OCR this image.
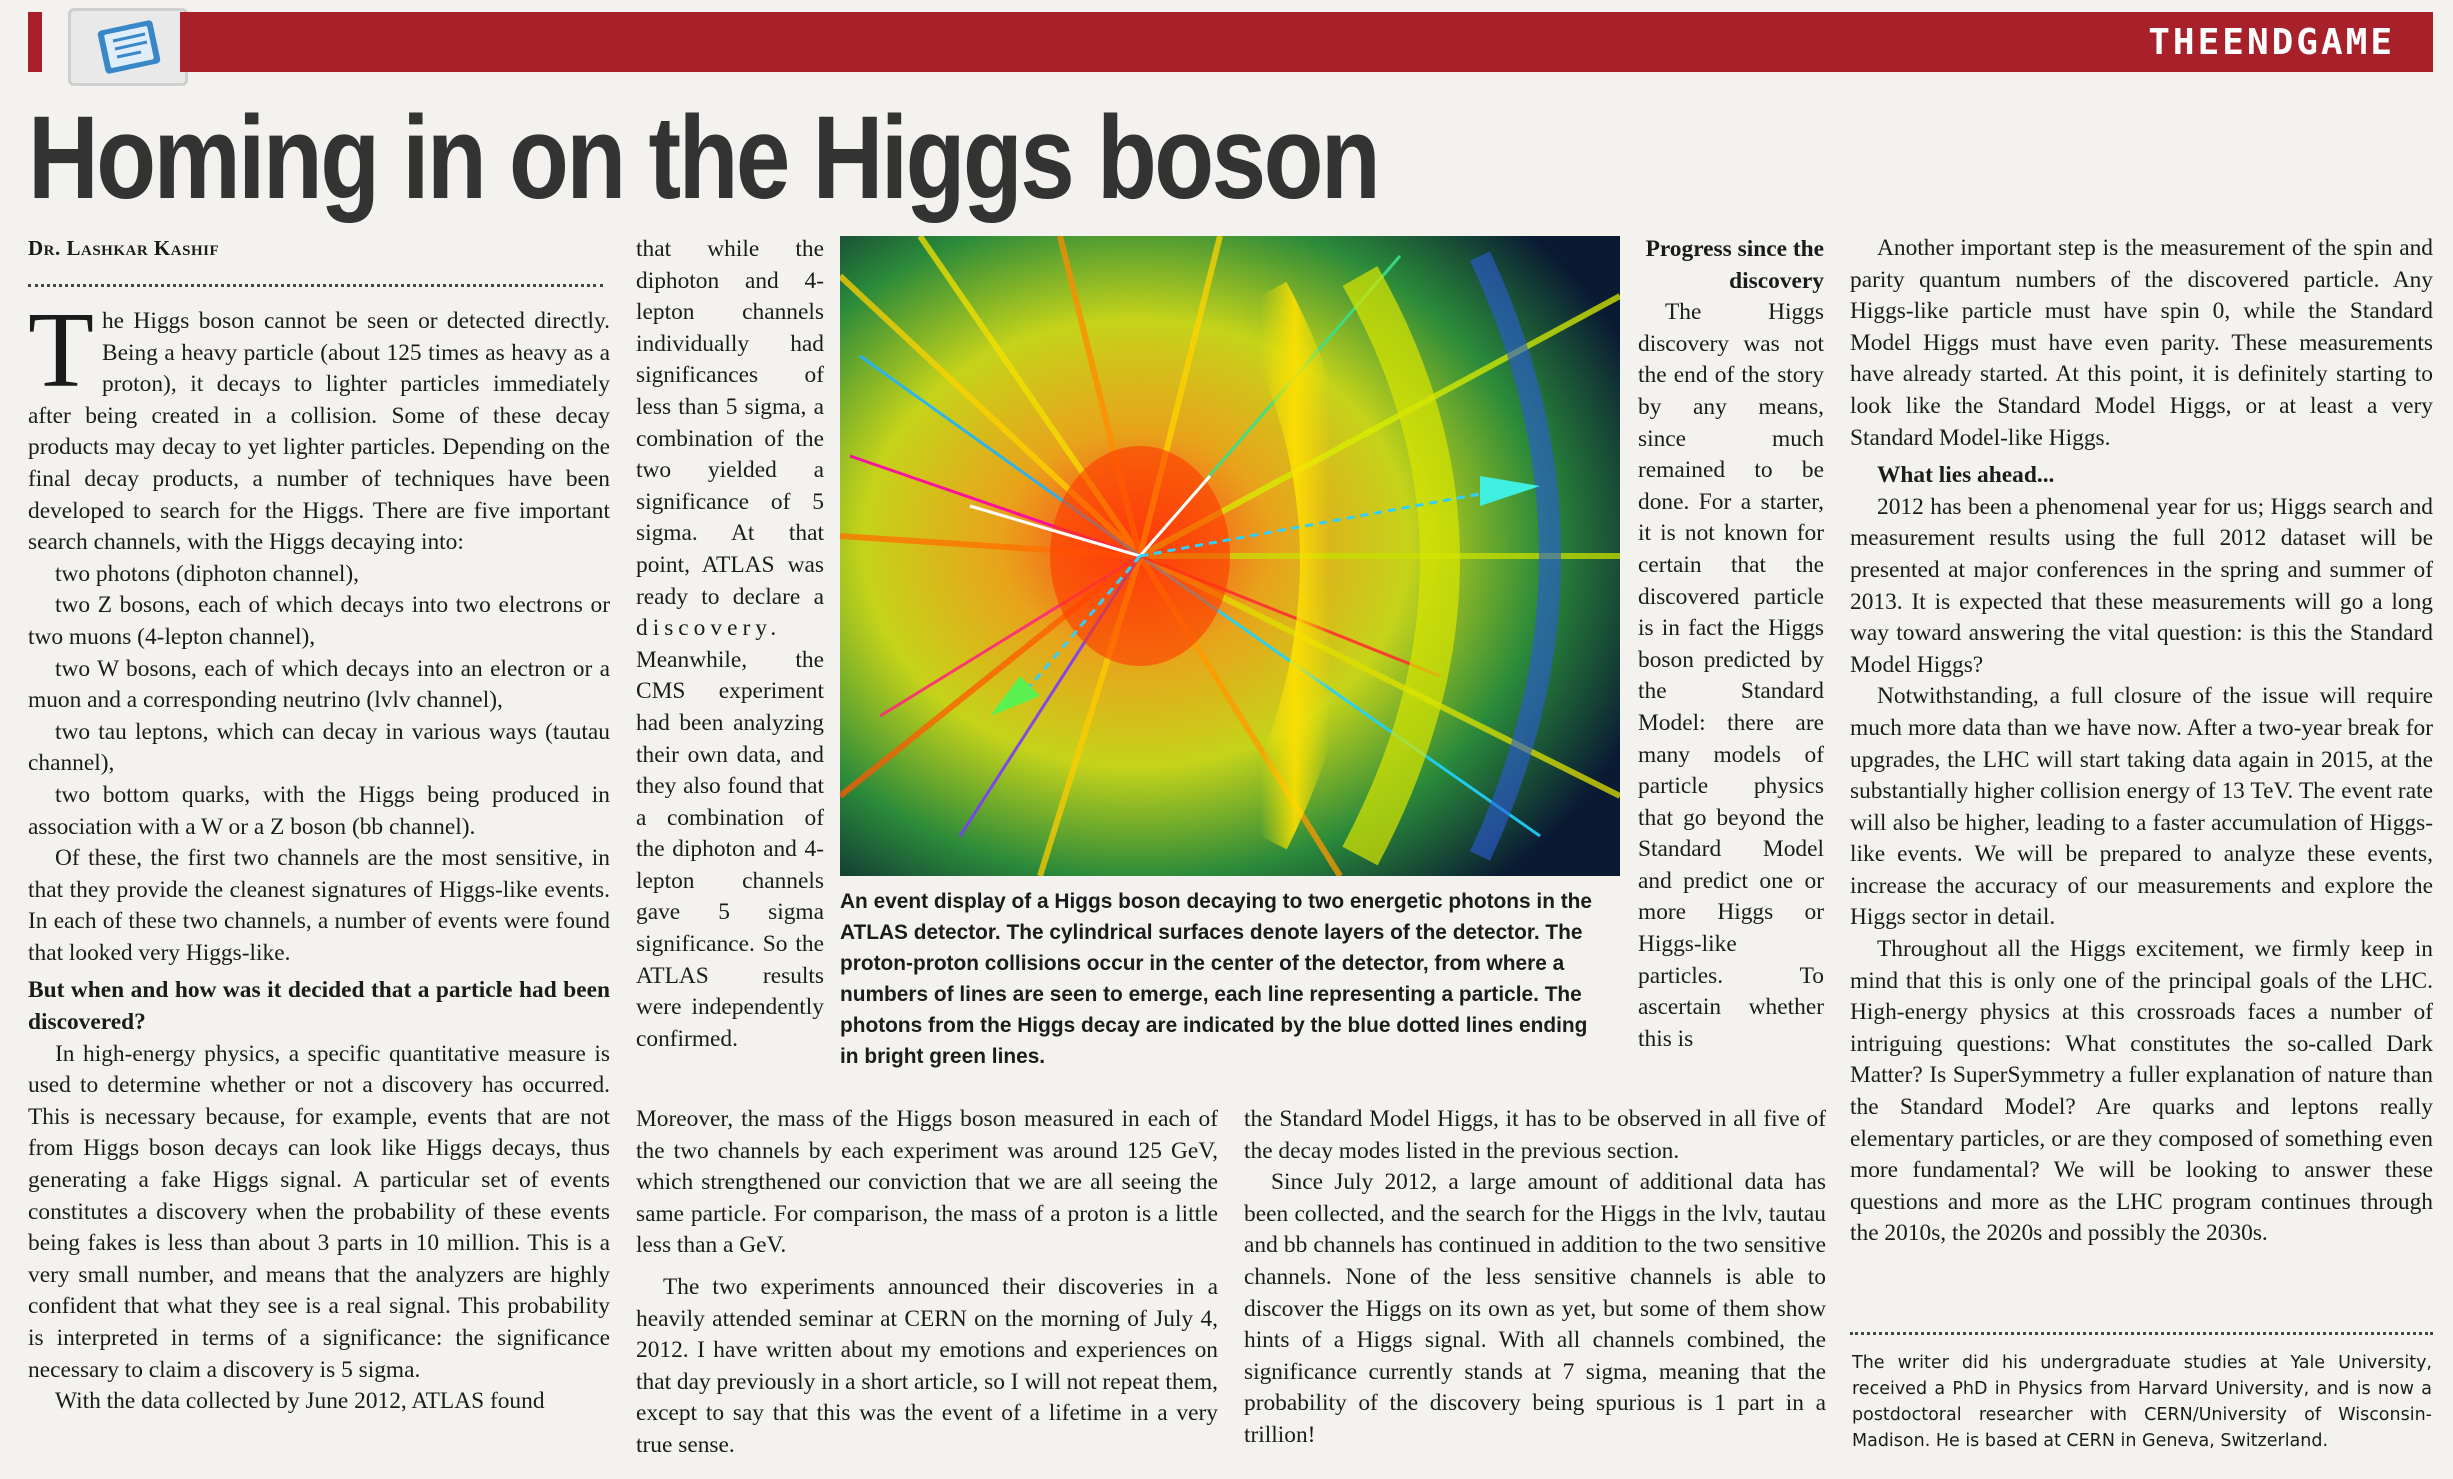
THEENDGAME
Homing in on the Higgs boson
Dr. Lashkar Kashif

The Higgs boson cannot be seen or detected directly. Being a heavy particle (about 125 times as heavy as a proton), it decays to lighter particles immediately after being created in a collision. Some of these decay products may decay to yet lighter particles. Depending on the final decay products, a number of techniques have been developed to search for the Higgs. There are five important search channels, with the Higgs decaying into:

two photons (diphoton channel),

two Z bosons, each of which decays into two electrons or two muons (4-lepton channel),

two W bosons, each of which decays into an electron or a muon and a corresponding neutrino (lvlv channel),

two tau leptons, which can decay in various ways (tautau channel),

two bottom quarks, with the Higgs being produced in association with a W or a Z boson (bb channel).

Of these, the first two channels are the most sensitive, in that they provide the cleanest signatures of Higgs-like events. In each of these two channels, a number of events were found that looked very Higgs-like.

But when and how was it decided that a particle had been discovered?

In high-energy physics, a specific quantitative measure is used to determine whether or not a discovery has occurred. This is necessary because, for example, events that are not from Higgs boson decays can look like Higgs decays, thus generating a fake Higgs signal. A particular set of events constitutes a discovery when the probability of these events being fakes is less than about 3 parts in 10 million. This is a very small number, and means that the analyzers are highly confident that what they see is a real signal. This probability is interpreted in terms of a significance: the significance necessary to claim a discovery is 5 sigma.

With the data collected by June 2012, ATLAS found

that while the diphoton and 4-lepton channels individually had significances of less than 5 sigma, a combination of the two yielded a significance of 5 sigma. At that point, ATLAS was ready to declare a discovery. Meanwhile, the CMS experiment had been analyzing their own data, and they also found that a combination of the diphoton and 4-lepton channels gave 5 sigma significance. So the ATLAS results were independently confirmed.

Moreover, the mass of the Higgs boson measured in each of the two channels by each experiment was around 125 GeV, which strengthened our conviction that we are all seeing the same particle. For comparison, the mass of a proton is a little less than a GeV.

The two experiments announced their discoveries in a heavily attended seminar at CERN on the morning of July 4, 2012. I have written about my emotions and experiences on that day previously in a short article, so I will not repeat them, except to say that this was the event of a lifetime in a very true sense.

An event display of a Higgs boson decaying to two energetic photons in the ATLAS detector. The cylindrical surfaces denote layers of the detector. The proton-proton collisions occur in the center of the detector, from where a numbers of lines are seen to emerge, each line representing a particle. The photons from the Higgs decay are indicated by the blue dotted lines ending in bright green lines.
Progress since the discovery

The Higgs discovery was not the end of the story by any means, since much remained to be done. For a starter, it is not known for certain that the discovered particle is in fact the Higgs boson predicted by the Standard Model: there are many models of particle physics that go beyond the Standard Model and predict one or more Higgs or Higgs-like particles. To ascertain whether this is

the Standard Model Higgs, it has to be observed in all five of the decay modes listed in the previous section.

Since July 2012, a large amount of additional data has been collected, and the search for the Higgs in the lvlv, tautau and bb channels has continued in addition to the two sensitive channels. None of the less sensitive channels is able to discover the Higgs on its own as yet, but some of them show hints of a Higgs signal. With all channels combined, the significance currently stands at 7 sigma, meaning that the probability of the discovery being spurious is 1 part in a trillion!

Another important step is the measurement of the spin and parity quantum numbers of the discovered particle. Any Higgs-like particle must have spin 0, while the Standard Model Higgs must have even parity. These measurements have already started. At this point, it is definitely starting to look like the Standard Model Higgs, or at least a very Standard Model-like Higgs.

What lies ahead...

2012 has been a phenomenal year for us; Higgs search and measurement results using the full 2012 dataset will be presented at major conferences in the spring and summer of 2013. It is expected that these measurements will go a long way toward answering the vital question: is this the Standard Model Higgs?

Notwithstanding, a full closure of the issue will require much more data than we have now. After a two-year break for upgrades, the LHC will start taking data again in 2015, at the substantially higher collision energy of 13 TeV. The event rate will also be higher, leading to a faster accumulation of Higgs-like events. We will be prepared to analyze these events, increase the accuracy of our measurements and explore the Higgs sector in detail.

Throughout all the Higgs excitement, we firmly keep in mind that this is only one of the principal goals of the LHC. High-energy physics at this crossroads faces a number of intriguing questions: What constitutes the so-called Dark Matter? Is SuperSymmetry a fuller explanation of nature than the Standard Model? Are quarks and leptons really elementary particles, or are they composed of something even more fundamental? We will be looking to answer these questions and more as the LHC program continues through the 2010s, the 2020s and possibly the 2030s.

The writer did his undergraduate studies at Yale University, received a PhD in Physics from Harvard University, and is now a postdoctoral researcher with CERN/University of Wisconsin-Madison. He is based at CERN in Geneva, Switzerland.
